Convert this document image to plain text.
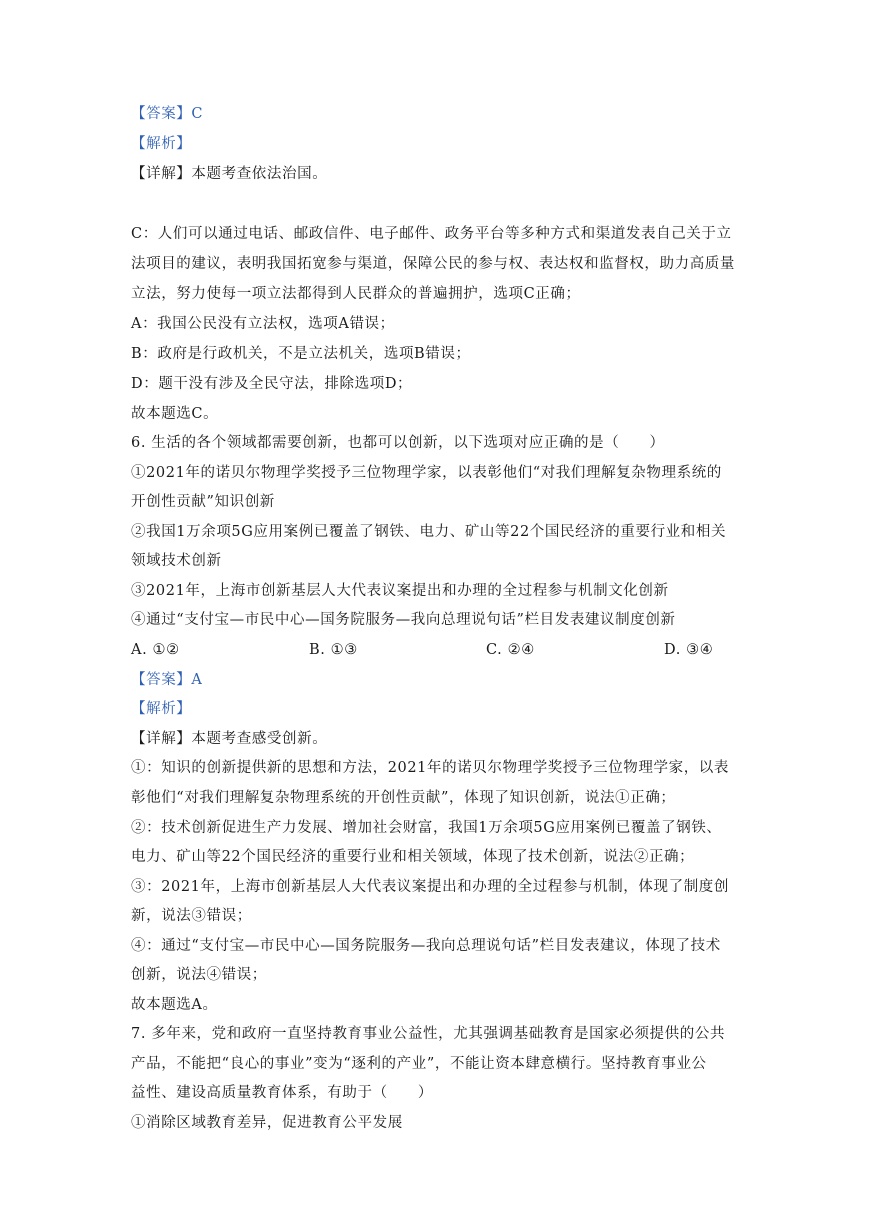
【答案】C
【解析】
【详解】本题考查依法治国。
C：人们可以通过电话、邮政信件、电子邮件、政务平台等多种方式和渠道发表自己关于立
法项目的建议，表明我国拓宽参与渠道，保障公民的参与权、表达权和监督权，助力高质量
立法，努力使每一项立法都得到人民群众的普遍拥护，选项C正确；
A：我国公民没有立法权，选项A错误；
B：政府是行政机关，不是立法机关，选项B错误；
D：题干没有涉及全民守法，排除选项D；
故本题选C。
6. 生活的各个领域都需要创新，也都可以创新，以下选项对应正确的是（　　）
①2021年的诺贝尔物理学奖授予三位物理学家，以表彰他们“对我们理解复杂物理系统的
开创性贡献”知识创新
②我国1万余项5G应用案例已覆盖了钢铁、电力、矿山等22个国民经济的重要行业和相关
领域技术创新
③2021年，上海市创新基层人大代表议案提出和办理的全过程参与机制文化创新
④通过“支付宝—市民中心—国务院服务—我向总理说句话”栏目发表建议制度创新
A. ①②	B. ①③	C. ②④	D. ③④
【答案】A
【解析】
【详解】本题考查感受创新。
①：知识的创新提供新的思想和方法，2021年的诺贝尔物理学奖授予三位物理学家，以表
彰他们“对我们理解复杂物理系统的开创性贡献”，体现了知识创新，说法①正确；
②：技术创新促进生产力发展、增加社会财富，我国1万余项5G应用案例已覆盖了钢铁、
电力、矿山等22个国民经济的重要行业和相关领域，体现了技术创新，说法②正确；
③：2021年，上海市创新基层人大代表议案提出和办理的全过程参与机制，体现了制度创
新，说法③错误；
④：通过“支付宝—市民中心—国务院服务—我向总理说句话”栏目发表建议，体现了技术
创新，说法④错误；
故本题选A。
7. 多年来，党和政府一直坚持教育事业公益性，尤其强调基础教育是国家必须提供的公共
产品，不能把“良心的事业”变为“逐利的产业”，不能让资本肆意横行。坚持教育事业公
益性、建设高质量教育体系，有助于（　　）
①消除区域教育差异，促进教育公平发展
